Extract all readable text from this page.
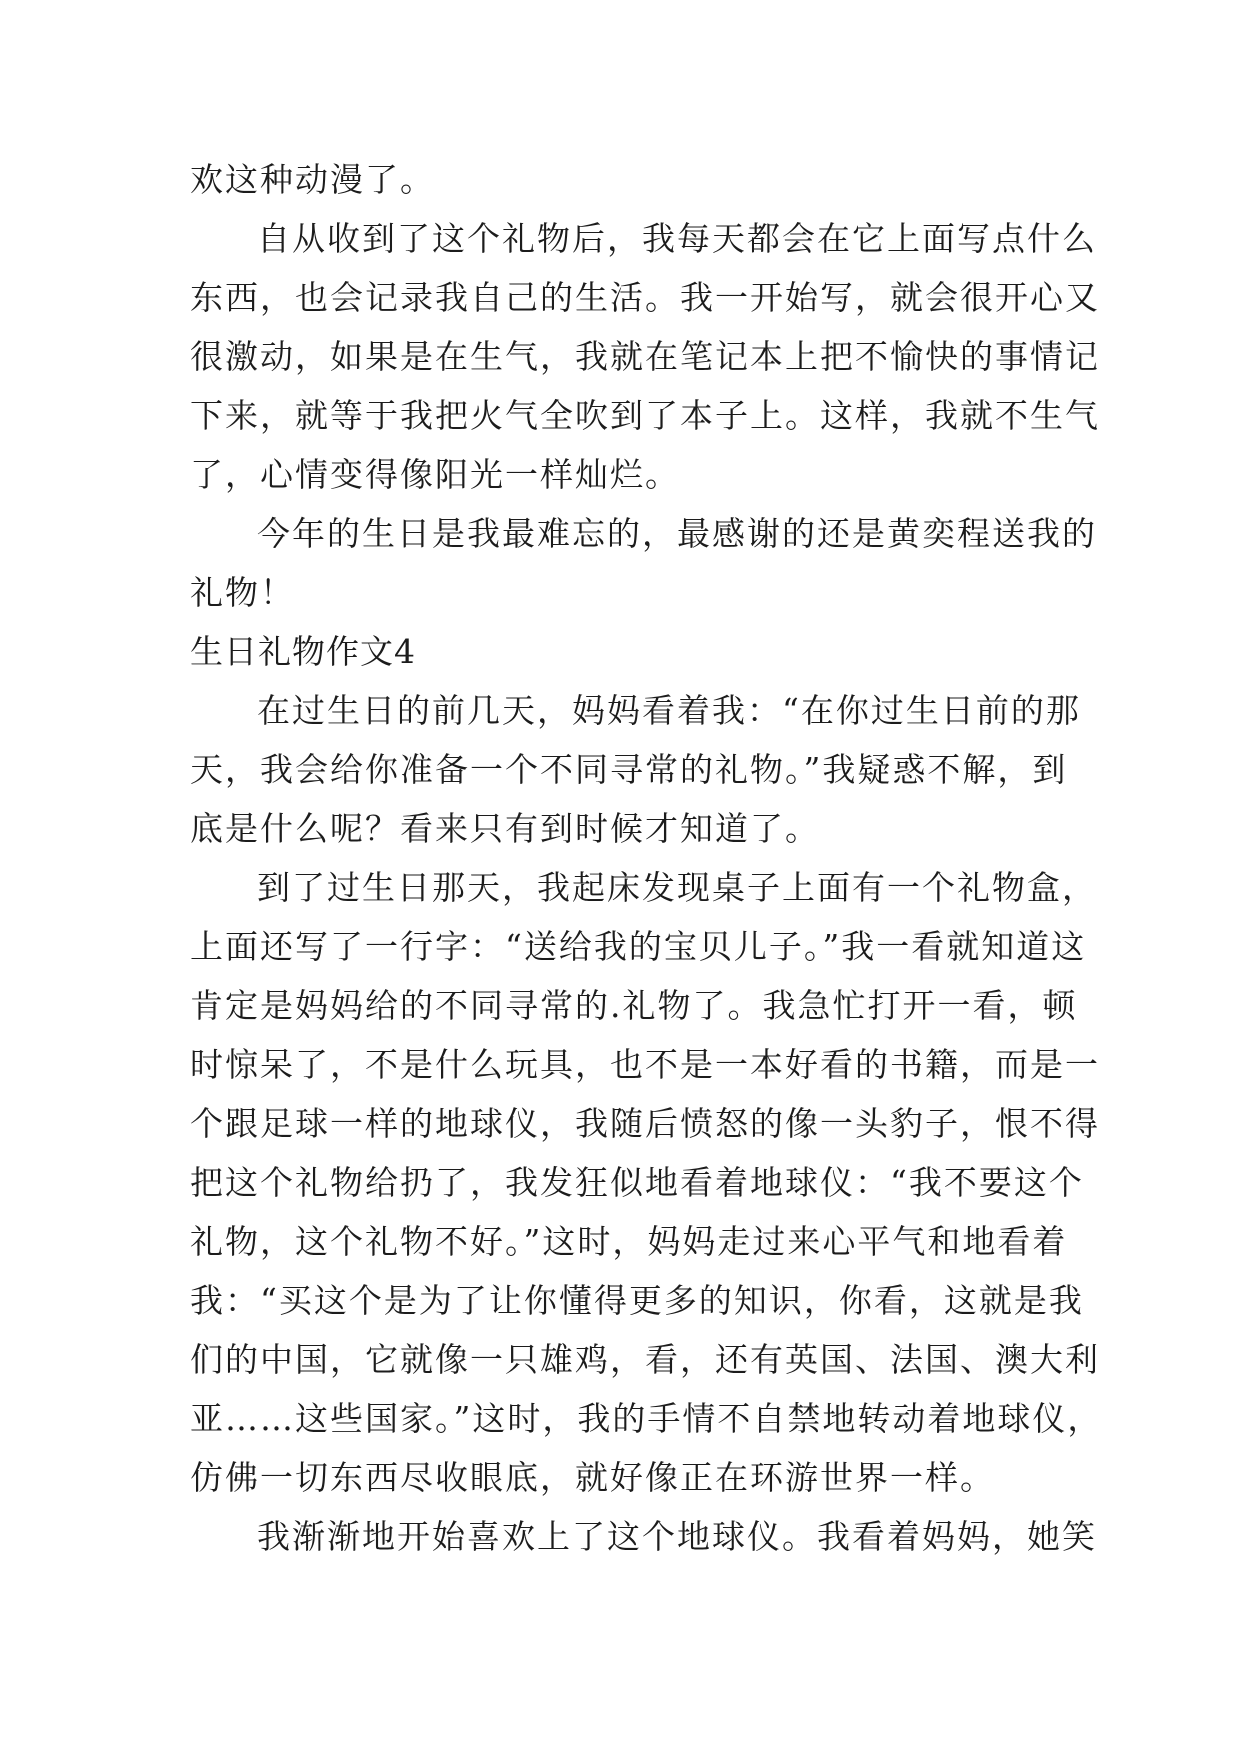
欢这种动漫了。
自从收到了这个礼物后，我每天都会在它上面写点什么
东西，也会记录我自己的生活。我一开始写，就会很开心又
很激动，如果是在生气，我就在笔记本上把不愉快的事情记
下来，就等于我把火气全吹到了本子上。这样，我就不生气
了，心情变得像阳光一样灿烂。
今年的生日是我最难忘的，最感谢的还是黄奕程送我的
礼物！
生日礼物作文4
在过生日的前几天，妈妈看着我：“在你过生日前的那
天，我会给你准备一个不同寻常的礼物。”我疑惑不解，到
底是什么呢？看来只有到时候才知道了。
到了过生日那天，我起床发现桌子上面有一个礼物盒，
上面还写了一行字：“送给我的宝贝儿子。”我一看就知道这
肯定是妈妈给的不同寻常的.礼物了。我急忙打开一看，顿
时惊呆了，不是什么玩具，也不是一本好看的书籍，而是一
个跟足球一样的地球仪，我随后愤怒的像一头豹子，恨不得
把这个礼物给扔了，我发狂似地看着地球仪：“我不要这个
礼物，这个礼物不好。”这时，妈妈走过来心平气和地看着
我：“买这个是为了让你懂得更多的知识，你看，这就是我
们的中国，它就像一只雄鸡，看，还有英国、法国、澳大利
亚……这些国家。”这时，我的手情不自禁地转动着地球仪，
仿佛一切东西尽收眼底，就好像正在环游世界一样。
我渐渐地开始喜欢上了这个地球仪。我看着妈妈，她笑
